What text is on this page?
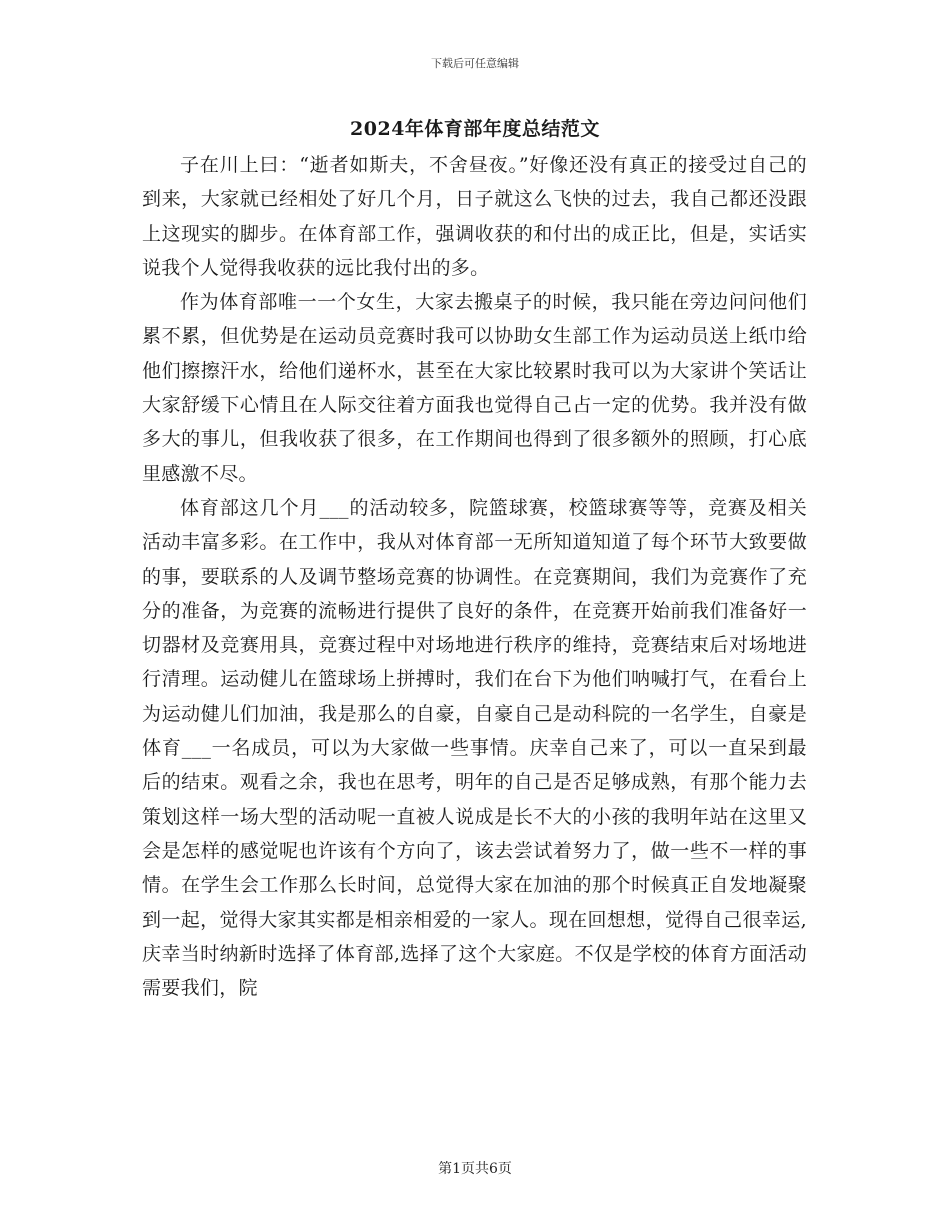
下载后可任意编辑
2024年体育部年度总结范文

子在川上曰：“逝者如斯夫，不舍昼夜。”好像还没有真正的接受过自己的到来，大家就已经相处了好几个月，日子就这么飞快的过去，我自己都还没跟上这现实的脚步。在体育部工作，强调收获的和付出的成正比，但是，实话实说我个人觉得我收获的远比我付出的多。

作为体育部唯一一个女生，大家去搬桌子的时候，我只能在旁边问问他们累不累，但优势是在运动员竞赛时我可以协助女生部工作为运动员送上纸巾给他们擦擦汗水，给他们递杯水，甚至在大家比较累时我可以为大家讲个笑话让大家舒缓下心情且在人际交往着方面我也觉得自己占一定的优势。我并没有做多大的事儿，但我收获了很多，在工作期间也得到了很多额外的照顾，打心底里感激不尽。

体育部这几个月___的活动较多，院篮球赛，校篮球赛等等，竞赛及相关活动丰富多彩。在工作中，我从对体育部一无所知道知道了每个环节大致要做的事，要联系的人及调节整场竞赛的协调性。在竞赛期间，我们为竞赛作了充分的准备，为竞赛的流畅进行提供了良好的条件，在竞赛开始前我们准备好一切器材及竞赛用具，竞赛过程中对场地进行秩序的维持，竞赛结束后对场地进行清理。运动健儿在篮球场上拼搏时，我们在台下为他们呐喊打气，在看台上为运动健儿们加油，我是那么的自豪，自豪自己是动科院的一名学生，自豪是体育___一名成员，可以为大家做一些事情。庆幸自己来了，可以一直呆到最后的结束。观看之余，我也在思考，明年的自己是否足够成熟，有那个能力去策划这样一场大型的活动呢一直被人说成是长不大的小孩的我明年站在这里又会是怎样的感觉呢也许该有个方向了，该去尝试着努力了，做一些不一样的事情。在学生会工作那么长时间，总觉得大家在加油的那个时候真正自发地凝聚到一起，觉得大家其实都是相亲相爱的一家人。现在回想想，觉得自己很幸运,庆幸当时纳新时选择了体育部,选择了这个大家庭。不仅是学校的体育方面活动需要我们，院

第1页共6页
